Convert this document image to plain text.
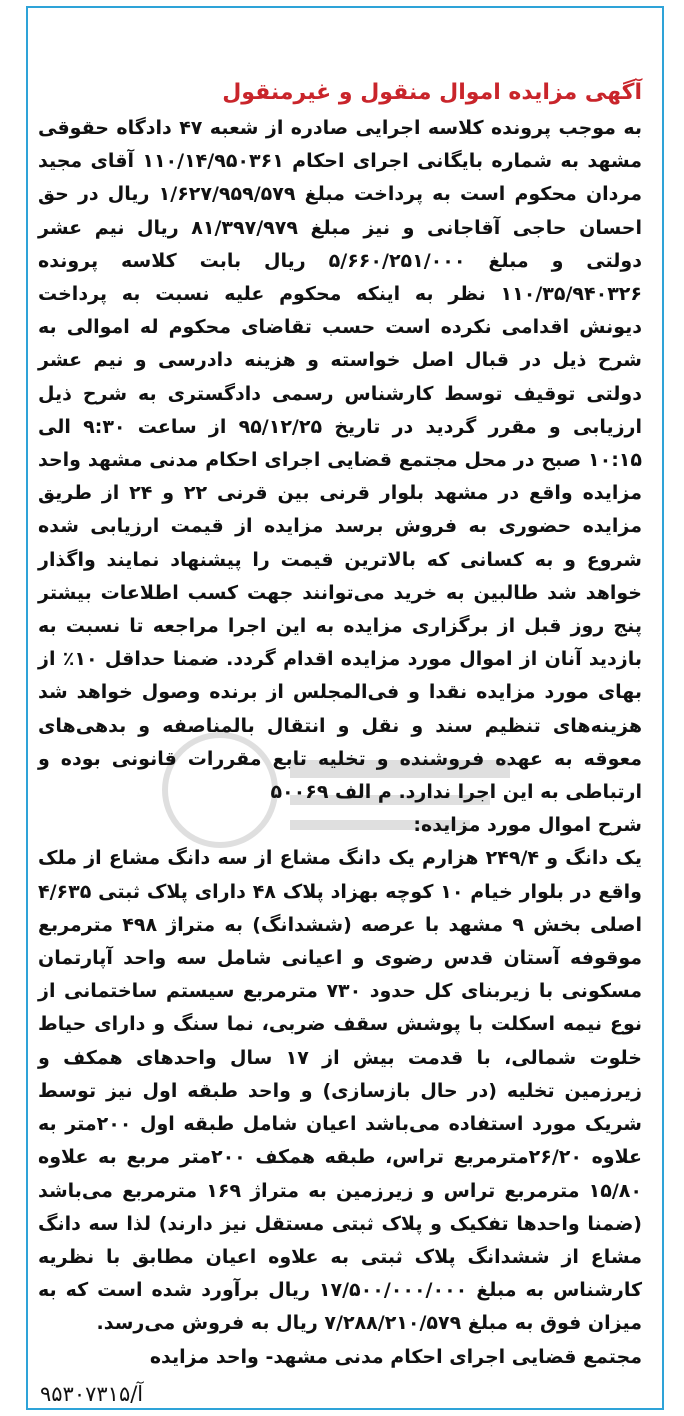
آگهی مزایده اموال منقول و غیرمنقول

به موجب پرونده کلاسه اجرایی صادره از شعبه ۴۷ دادگاه حقوقی مشهد به شماره بایگانی اجرای احکام ۱۱۰/۱۴/۹۵۰۳۶۱ آقای مجید مردان محکوم است به پرداخت مبلغ ۱/۶۲۷/۹۵۹/۵۷۹ ریال در حق احسان حاجی آقاجانی و نیز مبلغ ۸۱/۳۹۷/۹۷۹ ریال نیم عشر دولتی و مبلغ ۵/۶۶۰/۲۵۱/۰۰۰ ریال بابت کلاسه پرونده ۱۱۰/۳۵/۹۴۰۳۲۶ نظر به اینکه محکوم علیه نسبت به پرداخت دیونش اقدامی نکرده است حسب تقاضای محکوم له اموالی به شرح ذیل در قبال اصل خواسته و هزینه دادرسی و نیم عشر دولتی توقیف توسط کارشناس رسمی دادگستری به شرح ذیل ارزیابی و مقرر گردید در تاریخ ۹۵/۱۲/۲۵ از ساعت ۹:۳۰ الی ۱۰:۱۵ صبح در محل مجتمع قضایی اجرای احکام مدنی مشهد واحد مزایده واقع در مشهد بلوار قرنی بین قرنی ۲۲ و ۲۴ از طریق مزایده حضوری به فروش برسد مزایده از قیمت ارزیابی شده شروع و به کسانی که بالاترین قیمت را پیشنهاد نمایند واگذار خواهد شد طالبین به خرید می‌توانند جهت کسب اطلاعات بیشتر پنج روز قبل از برگزاری مزایده به این اجرا مراجعه تا نسبت به بازدید آنان از اموال مورد مزایده اقدام گردد. ضمنا حداقل ۱۰٪ از بهای مورد مزایده نقدا و فی‌المجلس از برنده وصول خواهد شد هزینه‌های تنظیم سند و نقل و انتقال بالمناصفه و بدهی‌های معوقه به عهده فروشنده و تخلیه تابع مقررات قانونی بوده و ارتباطی به این اجرا ندارد. م الف ۵۰۰۶۹

شرح اموال مورد مزایده:

یک دانگ و ۲۴۹/۴ هزارم یک دانگ مشاع از سه دانگ مشاع از ملک واقع در بلوار خیام ۱۰ کوچه بهزاد پلاک ۴۸ دارای پلاک ثبتی ۴/۶۳۵ اصلی بخش ۹ مشهد با عرصه (ششدانگ) به متراژ ۴۹۸ مترمربع موقوفه آستان قدس رضوی و اعیانی شامل سه واحد آپارتمان مسکونی با زیربنای کل حدود ۷۳۰ مترمربع سیستم ساختمانی از نوع نیمه اسکلت با پوشش سقف ضربی، نما سنگ و دارای حیاط خلوت شمالی، با قدمت بیش از ۱۷ سال واحدهای همکف و زیرزمین تخلیه (در حال بازسازی) و واحد طبقه اول نیز توسط شریک مورد استفاده می‌باشد اعیان شامل طبقه اول ۲۰۰متر به علاوه ۲۶/۲۰مترمربع تراس، طبقه همکف ۲۰۰متر مربع به علاوه ۱۵/۸۰ مترمربع تراس و زیرزمین به متراژ ۱۶۹ مترمربع می‌باشد (ضمنا واحدها تفکیک و پلاک ثبتی مستقل نیز دارند) لذا سه دانگ مشاع از ششدانگ پلاک ثبتی به علاوه اعیان مطابق با نظریه کارشناس به مبلغ ۱۷/۵۰۰/۰۰۰/۰۰۰ ریال برآورد شده است که به میزان فوق به مبلغ ۷/۲۸۸/۲۱۰/۵۷۹ ریال به فروش می‌رسد.

مجتمع قضایی اجرای احکام مدنی مشهد- واحد مزایده

آ/۹۵۳۰۷۳۱۵
